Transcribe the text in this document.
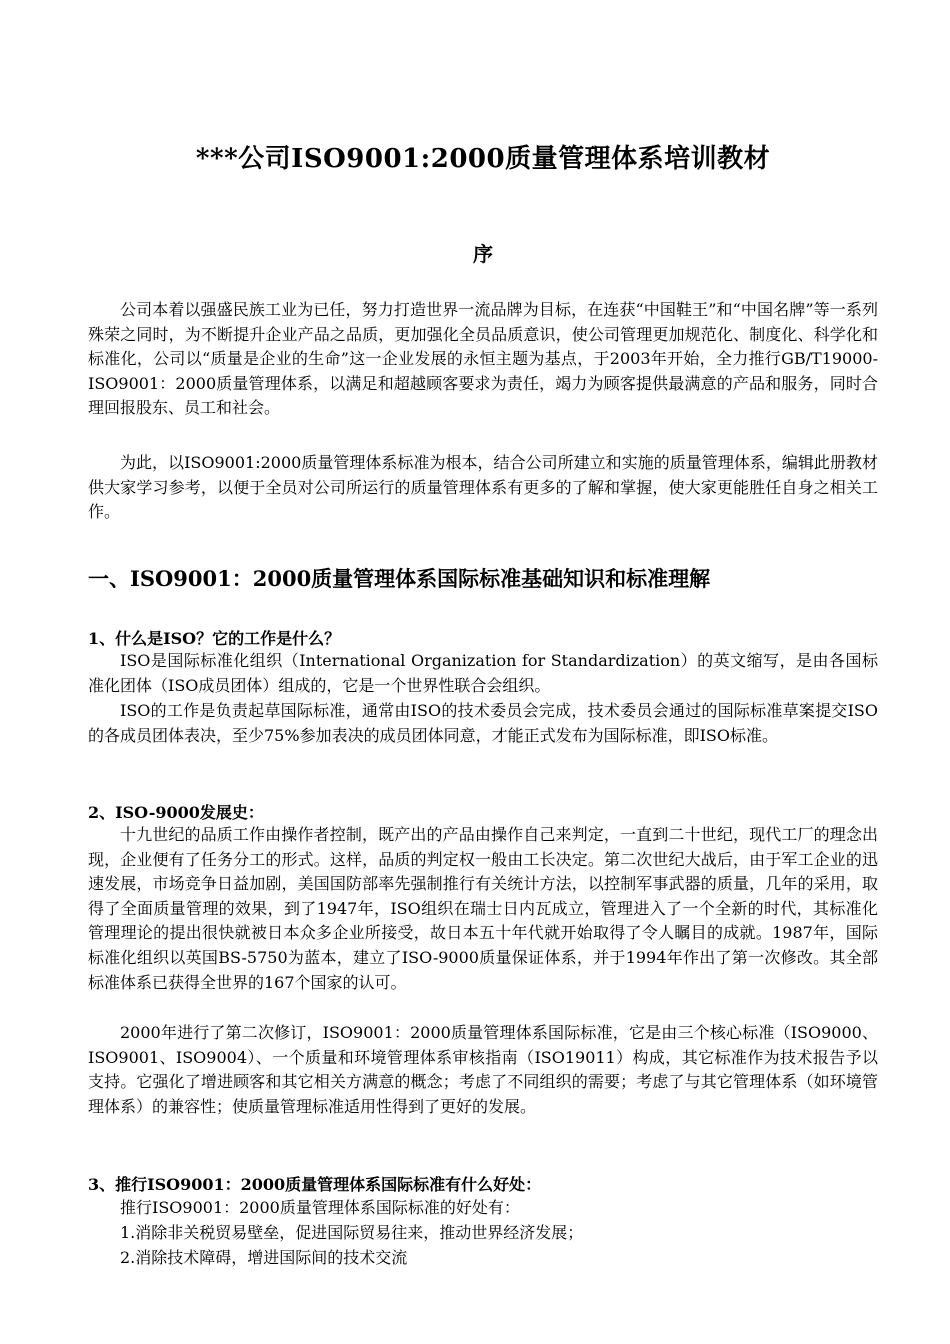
***公司ISO9001:2000质量管理体系培训教材
序

公司本着以强盛民族工业为已任，努力打造世界一流品牌为目标，在连获“中国鞋王”和“中国名牌”等一系列殊荣之同时，为不断提升企业产品之品质，更加强化全员品质意识，使公司管理更加规范化、制度化、科学化和标准化，公司以“质量是企业的生命”这一企业发展的永恒主题为基点，于2003年开始，全力推行GB/T19000-ISO9001：2000质量管理体系，以满足和超越顾客要求为责任，竭力为顾客提供最满意的产品和服务，同时合理回报股东、员工和社会。

为此，以ISO9001:2000质量管理体系标准为根本，结合公司所建立和实施的质量管理体系，编辑此册教材供大家学习参考，以便于全员对公司所运行的质量管理体系有更多的了解和掌握，使大家更能胜任自身之相关工作。

一、ISO9001：2000质量管理体系国际标准基础知识和标准理解
1、什么是ISO？它的工作是什么？

ISO是国际标准化组织（International Organization for Standardization）的英文缩写，是由各国标准化团体（ISO成员团体）组成的，它是一个世界性联合会组织。

ISO的工作是负责起草国际标准，通常由ISO的技术委员会完成，技术委员会通过的国际标准草案提交ISO的各成员团体表决，至少75%参加表决的成员团体同意，才能正式发布为国际标准，即ISO标准。

2、ISO-9000发展史：

十九世纪的品质工作由操作者控制，既产出的产品由操作自己来判定，一直到二十世纪，现代工厂的理念出现，企业便有了任务分工的形式。这样，品质的判定权一般由工长决定。第二次世纪大战后，由于军工企业的迅速发展，市场竞争日益加剧，美国国防部率先强制推行有关统计方法，以控制军事武器的质量，几年的采用，取得了全面质量管理的效果，到了1947年，ISO组织在瑞士日内瓦成立，管理进入了一个全新的时代，其标准化管理理论的提出很快就被日本众多企业所接受，故日本五十年代就开始取得了令人瞩目的成就。1987年，国际标准化组织以英国BS-5750为蓝本，建立了ISO-9000质量保证体系，并于1994年作出了第一次修改。其全部标准体系已获得全世界的167个国家的认可。

2000年进行了第二次修订，ISO9001：2000质量管理体系国际标准，它是由三个核心标准（ISO9000、ISO9001、ISO9004）、一个质量和环境管理体系审核指南（ISO19011）构成，其它标准作为技术报告予以支持。它强化了增进顾客和其它相关方满意的概念；考虑了不同组织的需要；考虑了与其它管理体系（如环境管理体系）的兼容性；使质量管理标准适用性得到了更好的发展。

3、推行ISO9001：2000质量管理体系国际标准有什么好处：
推行ISO9001：2000质量管理体系国际标准的好处有：
1.消除非关税贸易壁垒，促进国际贸易往来，推动世界经济发展；
2.消除技术障碍，增进国际间的技术交流
